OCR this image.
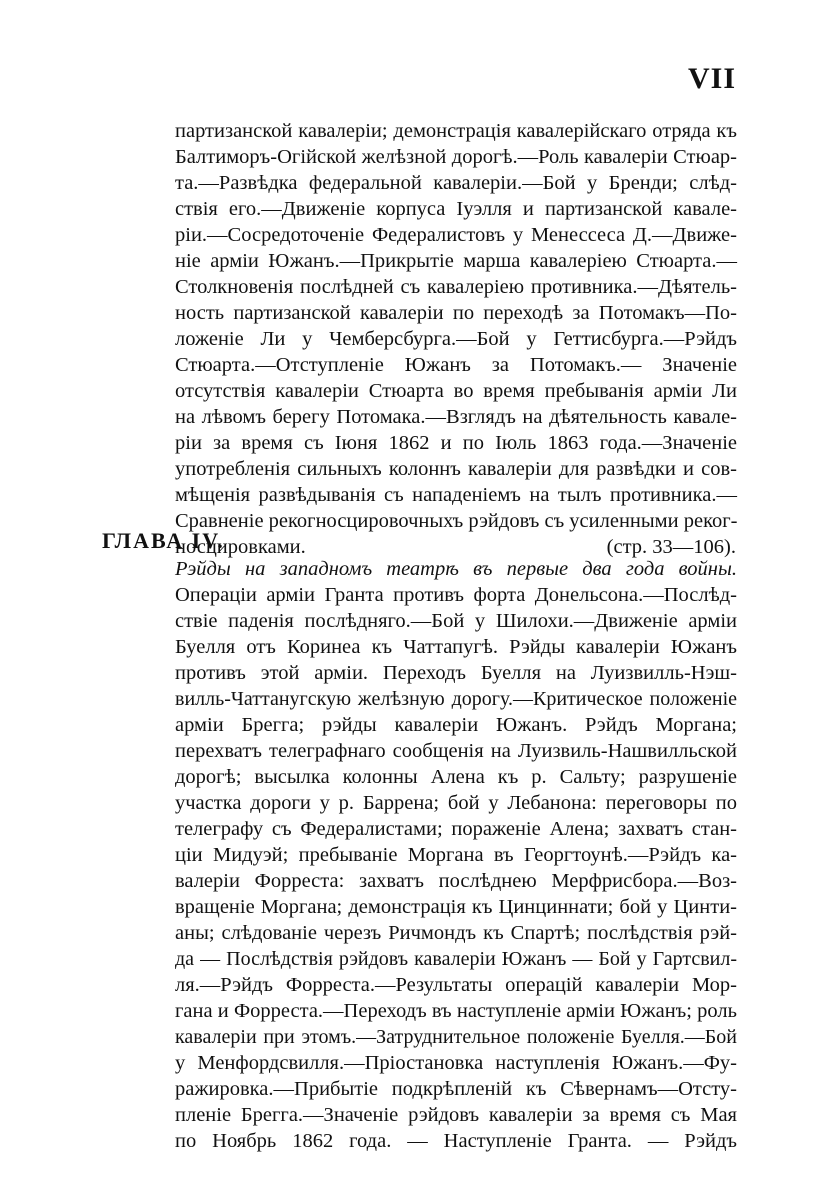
VII
партизанской кавалеріи; демонстрація кавалерійскаго отряда къ
Балтиморъ-Огійской желѣзной дорогѣ.—Роль кавалеріи Стюар-
та.—Развѣдка федеральной кавалеріи.—Бой у Бренди; слѣд-
ствія его.—Движеніе корпуса Іуэлля и партизанской кавале-
ріи.—Сосредоточеніе Федералистовъ у Менессеса Д.—Движе-
ніе арміи Южанъ.—Прикрытіе марша кавалеріею Стюарта.—
Столкновенія послѣдней съ кавалеріею противника.—Дѣятель-
ность партизанской кавалеріи по переходѣ за Потомакъ—По-
ложеніе Ли у Чемберсбурга.—Бой у Геттисбурга.—Рэйдъ
Стюарта.—Отступленіе Южанъ за Потомакъ.— Значеніе
отсутствія кавалеріи Стюарта во время пребыванія арміи Ли
на лѣвомъ берегу Потомака.—Взглядъ на дѣятельность кавале-
ріи за время съ Іюня 1862 и по Іюль 1863 года.—Значеніе
употребленія сильныхъ колоннъ кавалеріи для развѣдки и сов-
мѣщенія развѣдыванія съ нападеніемъ на тылъ противника.—
Сравненіе рекогносцировочныхъ рэйдовъ съ усиленными реког-
носцировками.	(стр. 33—106).
ГЛАВА IV.
Рэйды на западномъ театрѣ въ первые два года войны.
Операціи арміи Гранта противъ форта Донельсона.—Послѣд-
ствіе паденія послѣдняго.—Бой у Шилохи.—Движеніе арміи
Буелля отъ Коринеа къ Чаттапугѣ. Рэйды кавалеріи Южанъ
противъ этой арміи. Переходъ Буелля на Луизвилль-Нэш-
вилль-Чаттанугскую желѣзную дорогу.—Критическое положеніе
арміи Брегга; рэйды кавалеріи Южанъ. Рэйдъ Моргана;
перехватъ телеграфнаго сообщенія на Луизвиль-Нашвилльской
дорогѣ; высылка колонны Алена къ р. Сальту; разрушеніе
участка дороги у р. Баррена; бой у Лебанона: переговоры по
телеграфу съ Федералистами; пораженіе Алена; захватъ стан-
ціи Мидуэй; пребываніе Моргана въ Георгтоунѣ.—Рэйдъ ка-
валеріи Форреста: захватъ послѣднею Мерфрисбора.—Воз-
вращеніе Моргана; демонстрація къ Цинциннати; бой у Цинти-
аны; слѣдованіе черезъ Ричмондъ къ Спартѣ; послѣдствія рэй-
да — Послѣдствія рэйдовъ кавалеріи Южанъ — Бой у Гартсвил-
ля.—Рэйдъ Форреста.—Результаты операцій кавалеріи Мор-
гана и Форреста.—Переходъ въ наступленіе арміи Южанъ; роль
кавалеріи при этомъ.—Затруднительное положеніе Буелля.—Бой
у Менфордсвилля.—Пріостановка наступленія Южанъ.—Фу-
ражировка.—Прибытіе подкрѣпленій къ Сѣвернамъ—Отсту-
пленіе Брегга.—Значеніе рэйдовъ кавалеріи за время съ Мая
по Ноябрь 1862 года. — Наступленіе Гранта. — Рэйдъ
